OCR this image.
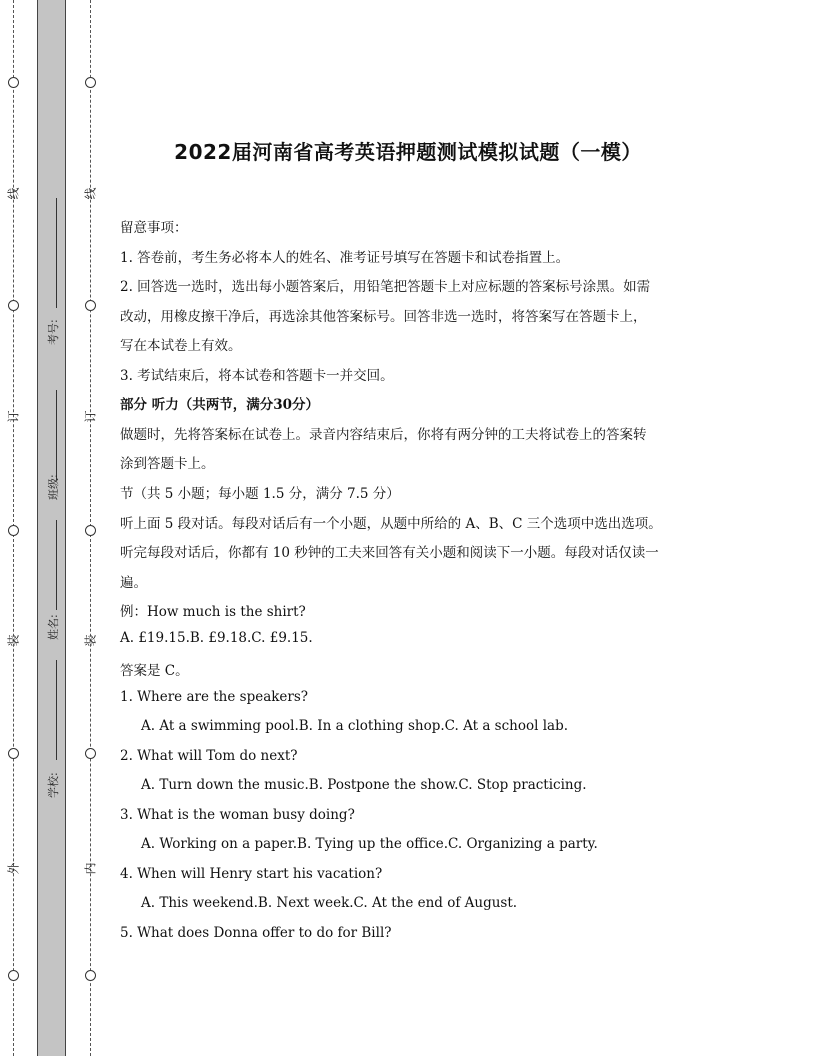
线
订
装
外
线
订
装
内
考号:
班级:
姓名:
学校:
2022届河南省高考英语押题测试模拟试题（一模）
留意事项：
1. 答卷前，考生务必将本人的姓名、准考证号填写在答题卡和试卷指置上。
2. 回答选一选时，选出每小题答案后，用铅笔把答题卡上对应标题的答案标号涂黑。如需
改动，用橡皮擦干净后，再选涂其他答案标号。回答非选一选时，将答案写在答题卡上，
写在本试卷上有效。
3. 考试结束后，将本试卷和答题卡一并交回。
部分 听力（共两节，满分30分）
做题时，先将答案标在试卷上。录音内容结束后，你将有两分钟的工夫将试卷上的答案转
涂到答题卡上。
节（共 5 小题；每小题 1.5 分，满分 7.5 分）
听上面 5 段对话。每段对话后有一个小题，从题中所给的 A、B、C 三个选项中选出选项。
听完每段对话后，你都有 10 秒钟的工夫来回答有关小题和阅读下一小题。每段对话仅读一
遍。
例：How much is the shirt?
A. £19.15.B. £9.18.C. £9.15.
答案是 C。
1. Where are the speakers?
A. At a swimming pool.B. In a clothing shop.C. At a school lab.
2. What will Tom do next?
A. Turn down the music.B. Postpone the show.C. Stop practicing.
3. What is the woman busy doing?
A. Working on a paper.B. Tying up the office.C. Organizing a party.
4. When will Henry start his vacation?
A. This weekend.B. Next week.C. At the end of August.
5. What does Donna offer to do for Bill?
